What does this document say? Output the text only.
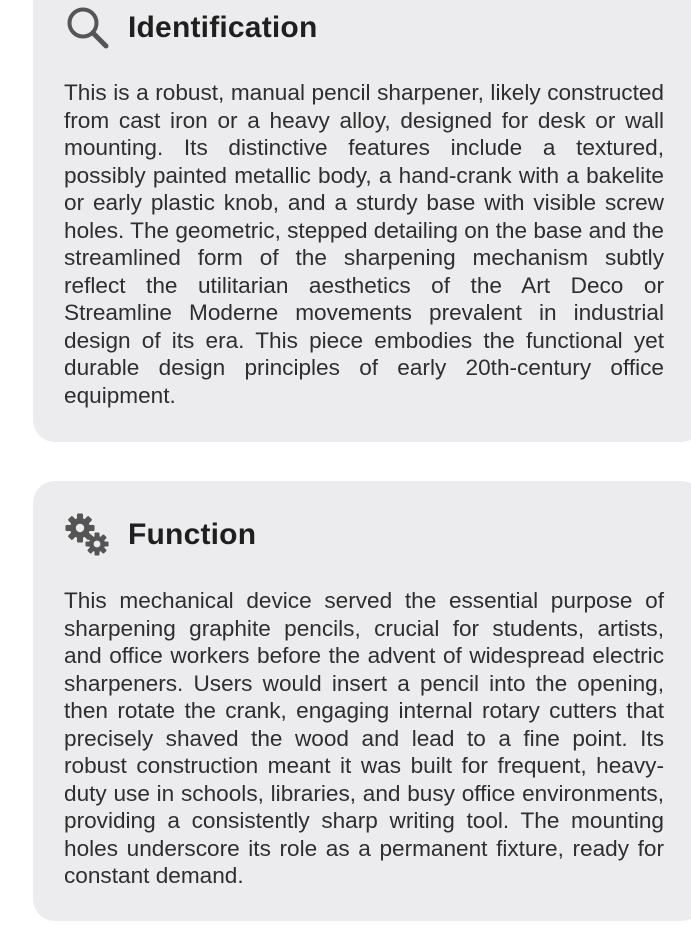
Identification

This is a robust, manual pencil sharpener, likely constructed from cast iron or a heavy alloy, designed for desk or wall mounting. Its distinctive features include a textured, possibly painted metallic body, a hand-crank with a bakelite or early plastic knob, and a sturdy base with visible screw holes. The geometric, stepped detailing on the base and the streamlined form of the sharpening mechanism subtly reflect the utilitarian aesthetics of the Art Deco or Streamline Moderne movements prevalent in industrial design of its era. This piece embodies the functional yet durable design principles of early 20th-century office equipment.

Function

This mechanical device served the essential purpose of sharpening graphite pencils, crucial for students, artists, and office workers before the advent of widespread electric sharpeners. Users would insert a pencil into the opening, then rotate the crank, engaging internal rotary cutters that precisely shaved the wood and lead to a fine point. Its robust construction meant it was built for frequent, heavy-duty use in schools, libraries, and busy office environments, providing a consistently sharp writing tool. The mounting holes underscore its role as a permanent fixture, ready for constant demand.
